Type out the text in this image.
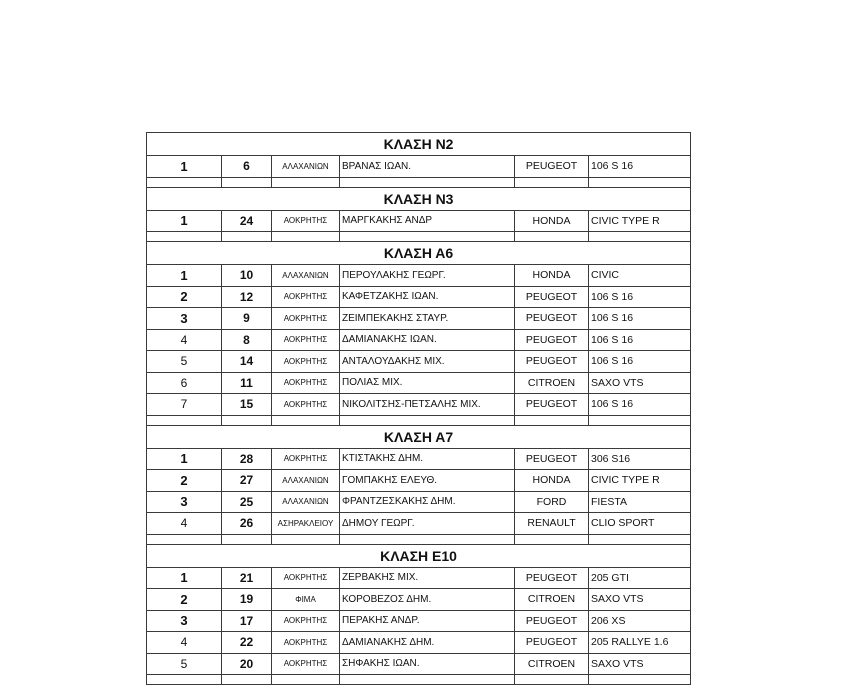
ΚΛΑΣΗ Ν2					
1	6	ΑΛΑΧΑΝΙΩΝ	ΒΡΑΝΑΣ ΙΩΑΝ.	PEUGEOT	106 S 16

ΚΛΑΣΗ Ν3					
1	24	ΑΟΚΡΗΤΗΣ	ΜΑΡΓΚΑΚΗΣ ΑΝΔΡ	HONDA	CIVIC TYPE R

ΚΛΑΣΗ Α6					
1	10	ΑΛΑΧΑΝΙΩΝ	ΠΕΡΟΥΛΑΚΗΣ ΓΕΩΡΓ.	HONDA	CIVIC
2	12	ΑΟΚΡΗΤΗΣ	ΚΑΦΕΤΖΑΚΗΣ ΙΩΑΝ.	PEUGEOT	106 S 16
3	9	ΑΟΚΡΗΤΗΣ	ΖΕΙΜΠΕΚΑΚΗΣ ΣΤΑΥΡ.	PEUGEOT	106 S 16
4	8	ΑΟΚΡΗΤΗΣ	ΔΑΜΙΑΝΑΚΗΣ ΙΩΑΝ.	PEUGEOT	106 S 16
5	14	ΑΟΚΡΗΤΗΣ	ΑΝΤΑΛΟΥΔΑΚΗΣ ΜΙΧ.	PEUGEOT	106 S 16
6	11	ΑΟΚΡΗΤΗΣ	ΠΟΛΙΑΣ ΜΙΧ.	CITROEN	SAXO VTS
7	15	ΑΟΚΡΗΤΗΣ	ΝΙΚΟΛΙΤΣΗΣ-ΠΕΤΣΑΛΗΣ ΜΙΧ.	PEUGEOT	106 S 16

ΚΛΑΣΗ Α7					
1	28	ΑΟΚΡΗΤΗΣ	ΚΤΙΣΤΑΚΗΣ ΔΗΜ.	PEUGEOT	306 S16
2	27	ΑΛΑΧΑΝΙΩΝ	ΓΟΜΠΑΚΗΣ ΕΛΕΥΘ.	HONDA	CIVIC TYPE R
3	25	ΑΛΑΧΑΝΙΩΝ	ΦΡΑΝΤΖΕΣΚΑΚΗΣ ΔΗΜ.	FORD	FIESTA
4	26	ΑΣΗΡΑΚΛΕΙΟΥ	ΔΗΜΟΥ ΓΕΩΡΓ.	RENAULT	CLIO SPORT

ΚΛΑΣΗ Ε10					
1	21	ΑΟΚΡΗΤΗΣ	ΖΕΡΒΑΚΗΣ ΜΙΧ.	PEUGEOT	205 GTI
2	19	ΦΙΜΑ	ΚΟΡΟΒΕΖΟΣ ΔΗΜ.	CITROEN	SAXO VTS
3	17	ΑΟΚΡΗΤΗΣ	ΠΕΡΑΚΗΣ ΑΝΔΡ.	PEUGEOT	206 XS
4	22	ΑΟΚΡΗΤΗΣ	ΔΑΜΙΑΝΑΚΗΣ ΔΗΜ.	PEUGEOT	205 RALLYE 1.6
5	20	ΑΟΚΡΗΤΗΣ	ΣΗΦΑΚΗΣ ΙΩΑΝ.	CITROEN	SAXO VTS
